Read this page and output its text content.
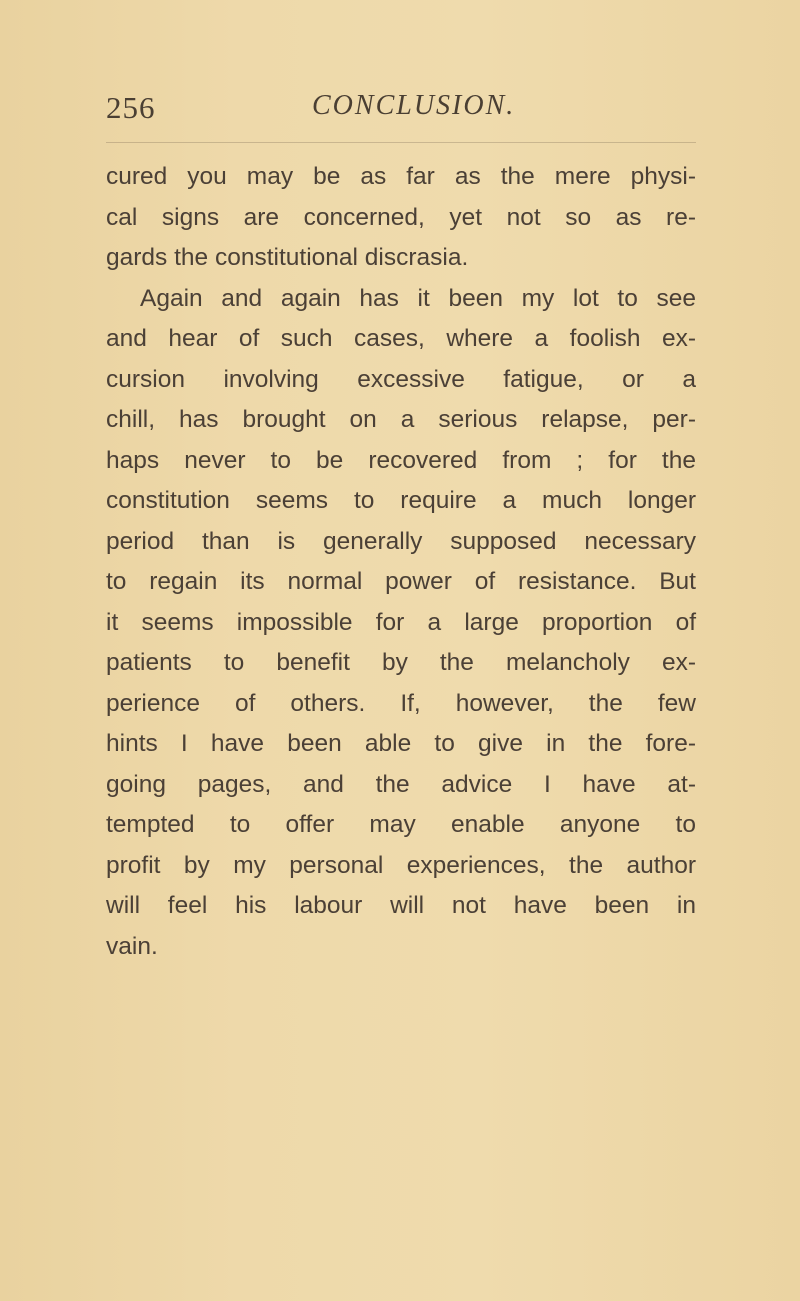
256	CONCLUSION.
cured you may be as far as the mere physi-
cal signs are concerned, yet not so as re-
gards the constitutional discrasia.
Again and again has it been my lot to see
and hear of such cases, where a foolish ex-
cursion involving excessive fatigue, or a
chill, has brought on a serious relapse, per-
haps never to be recovered from ; for the
constitution seems to require a much longer
period than is generally supposed necessary
to regain its normal power of resistance. But
it seems impossible for a large proportion of
patients to benefit by the melancholy ex-
perience of others. If, however, the few
hints I have been able to give in the fore-
going pages, and the advice I have at-
tempted to offer may enable anyone to
profit by my personal experiences, the author
will feel his labour will not have been in
vain.
